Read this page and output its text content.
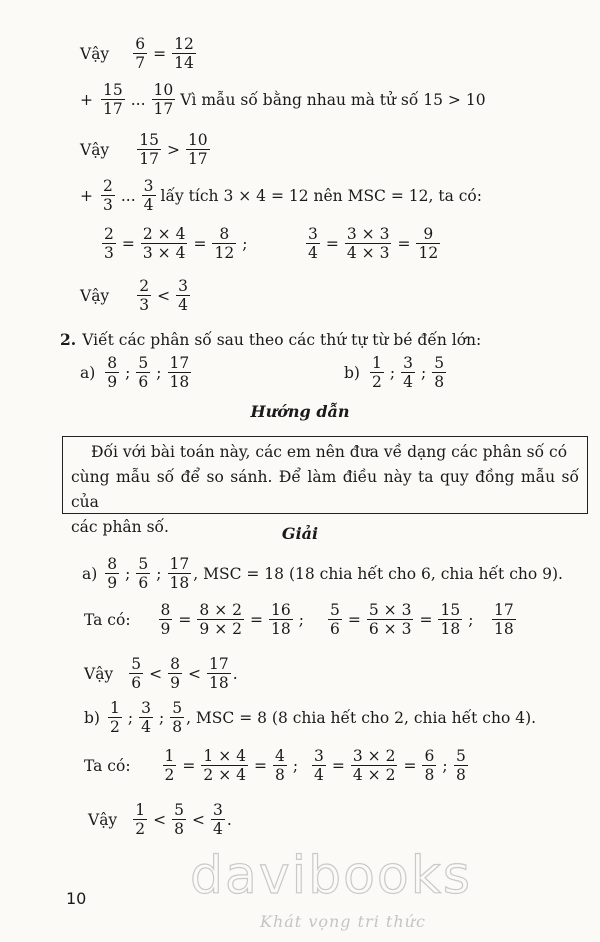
Vậy $\frac{6}{7} = \frac{12}{14}$
+ $\frac{15}{17}$ ... $\frac{10}{17}$ Vì mẫu số bằng nhau mà tử số 15 > 10
Vậy $\frac{15}{17} > \frac{10}{17}$
+ $\frac{2}{3}$ ... $\frac{3}{4}$ lấy tích 3 × 4 = 12 nên MSC = 12, ta có:
$\frac{2}{3} = \frac{2 \times 4}{3 \times 4} = \frac{8}{12}$ ;	$\frac{3}{4} = \frac{3 \times 3}{4 \times 3} = \frac{9}{12}$
Vậy $\frac{2}{3} < \frac{3}{4}$
2. Viết các phân số sau theo các thứ tự từ bé đến lớn:
$a) \frac{8}{9}$ ; $\frac{5}{6}$ ; $\frac{17}{18}$	$b) \frac{1}{2}$ ; $\frac{3}{4}$ ; $\frac{5}{8}$
Hướng dẫn
Đối với bài toán này, các em nên đưa về dạng các phân số có
cùng mẫu số để so sánh. Để làm điều này ta quy đồng mẫu số của
các phân số.	Giải
$a) \frac{8}{9}$ ; $\frac{5}{6}$ ; $\frac{17}{18}$ , MSC = 18 (18 chia hết cho 6, chia hết cho 9).
Ta có: $\frac{8}{9} = \frac{8 \times 2}{9 \times 2} = \frac{16}{18}$ ; $\frac{5}{6} = \frac{5 \times 3}{6 \times 3} = \frac{15}{18}$ ; $\frac{17}{18}$
Vậy $\frac{5}{6} < \frac{8}{9} < \frac{17}{18}$ .
$b) \frac{1}{2}$ ; $\frac{3}{4}$ ; $\frac{5}{8}$ , MSC = 8 (8 chia hết cho 2, chia hết cho 4).
Ta có: $\frac{1}{2} = \frac{1 \times 4}{2 \times 4} = \frac{4}{8}$ ; $\frac{3}{4} = \frac{3 \times 2}{4 \times 2} = \frac{6}{8}$ ; $\frac{5}{8}$
Vậy $\frac{1}{2} < \frac{5}{8} < \frac{3}{4}$ .
10 davibooks
Khát vọng tri thức
